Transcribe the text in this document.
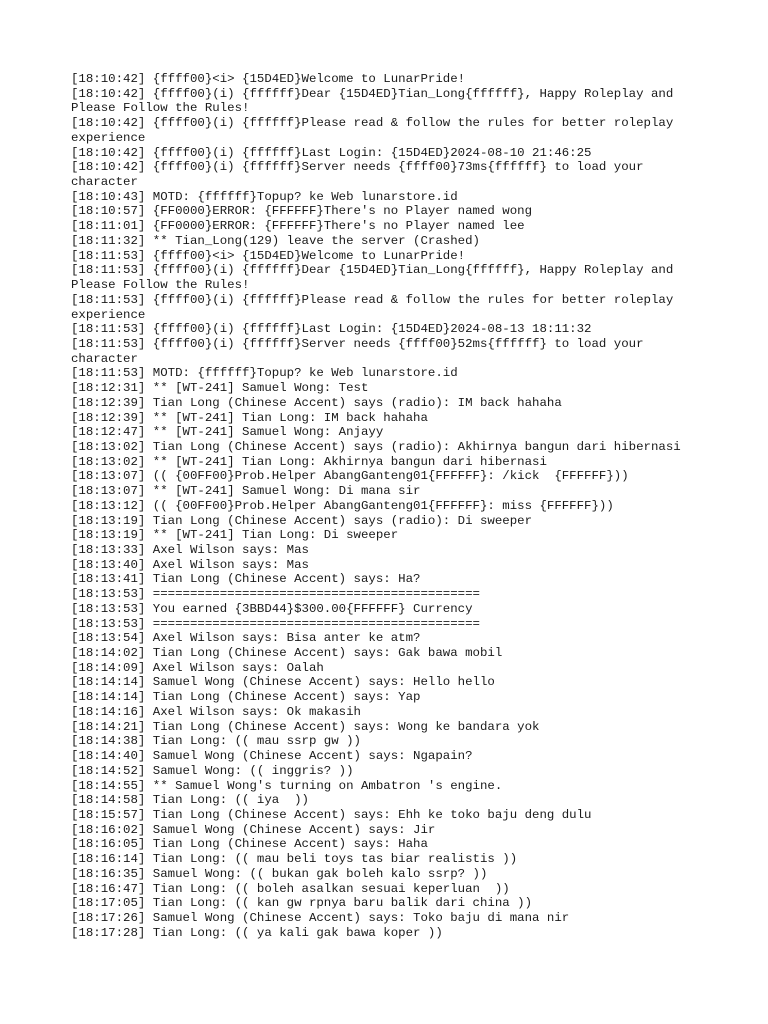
[18:10:42] {ffff00}<i> {15D4ED}Welcome to LunarPride!
[18:10:42] {ffff00}(i) {ffffff}Dear {15D4ED}Tian_Long{ffffff}, Happy Roleplay and Please Follow the Rules!
[18:10:42] {ffff00}(i) {ffffff}Please read & follow the rules for better roleplay experience
[18:10:42] {ffff00}(i) {ffffff}Last Login: {15D4ED}2024-08-10 21:46:25
[18:10:42] {ffff00}(i) {ffffff}Server needs {ffff00}73ms{ffffff} to load your character
[18:10:43] MOTD: {ffffff}Topup? ke Web lunarstore.id
[18:10:57] {FF0000}ERROR: {FFFFFF}There's no Player named wong
[18:11:01] {FF0000}ERROR: {FFFFFF}There's no Player named lee
[18:11:32] ** Tian_Long(129) leave the server (Crashed)
[18:11:53] {ffff00}<i> {15D4ED}Welcome to LunarPride!
[18:11:53] {ffff00}(i) {ffffff}Dear {15D4ED}Tian_Long{ffffff}, Happy Roleplay and Please Follow the Rules!
[18:11:53] {ffff00}(i) {ffffff}Please read & follow the rules for better roleplay experience
[18:11:53] {ffff00}(i) {ffffff}Last Login: {15D4ED}2024-08-13 18:11:32
[18:11:53] {ffff00}(i) {ffffff}Server needs {ffff00}52ms{ffffff} to load your character
[18:11:53] MOTD: {ffffff}Topup? ke Web lunarstore.id
[18:12:31] ** [WT-241] Samuel Wong: Test
[18:12:39] Tian Long (Chinese Accent) says (radio): IM back hahaha
[18:12:39] ** [WT-241] Tian Long: IM back hahaha
[18:12:47] ** [WT-241] Samuel Wong: Anjayy
[18:13:02] Tian Long (Chinese Accent) says (radio): Akhirnya bangun dari hibernasi
[18:13:02] ** [WT-241] Tian Long: Akhirnya bangun dari hibernasi
[18:13:07] (( {00FF00}Prob.Helper AbangGanteng01{FFFFFF}: /kick  {FFFFFF}))
[18:13:07] ** [WT-241] Samuel Wong: Di mana sir
[18:13:12] (( {00FF00}Prob.Helper AbangGanteng01{FFFFFF}: miss {FFFFFF}))
[18:13:19] Tian Long (Chinese Accent) says (radio): Di sweeper
[18:13:19] ** [WT-241] Tian Long: Di sweeper
[18:13:33] Axel Wilson says: Mas
[18:13:40] Axel Wilson says: Mas
[18:13:41] Tian Long (Chinese Accent) says: Ha?
[18:13:53] ============================================
[18:13:53] You earned {3BBD44}$300.00{FFFFFF} Currency
[18:13:53] ============================================
[18:13:54] Axel Wilson says: Bisa anter ke atm?
[18:14:02] Tian Long (Chinese Accent) says: Gak bawa mobil
[18:14:09] Axel Wilson says: Oalah
[18:14:14] Samuel Wong (Chinese Accent) says: Hello hello
[18:14:14] Tian Long (Chinese Accent) says: Yap
[18:14:16] Axel Wilson says: Ok makasih
[18:14:21] Tian Long (Chinese Accent) says: Wong ke bandara yok
[18:14:38] Tian Long: (( mau ssrp gw ))
[18:14:40] Samuel Wong (Chinese Accent) says: Ngapain?
[18:14:52] Samuel Wong: (( inggris? ))
[18:14:55] ** Samuel Wong's turning on Ambatron 's engine.
[18:14:58] Tian Long: (( iya  ))
[18:15:57] Tian Long (Chinese Accent) says: Ehh ke toko baju deng dulu
[18:16:02] Samuel Wong (Chinese Accent) says: Jir
[18:16:05] Tian Long (Chinese Accent) says: Haha
[18:16:14] Tian Long: (( mau beli toys tas biar realistis ))
[18:16:35] Samuel Wong: (( bukan gak boleh kalo ssrp? ))
[18:16:47] Tian Long: (( boleh asalkan sesuai keperluan  ))
[18:17:05] Tian Long: (( kan gw rpnya baru balik dari china ))
[18:17:26] Samuel Wong (Chinese Accent) says: Toko baju di mana nir
[18:17:28] Tian Long: (( ya kali gak bawa koper ))
